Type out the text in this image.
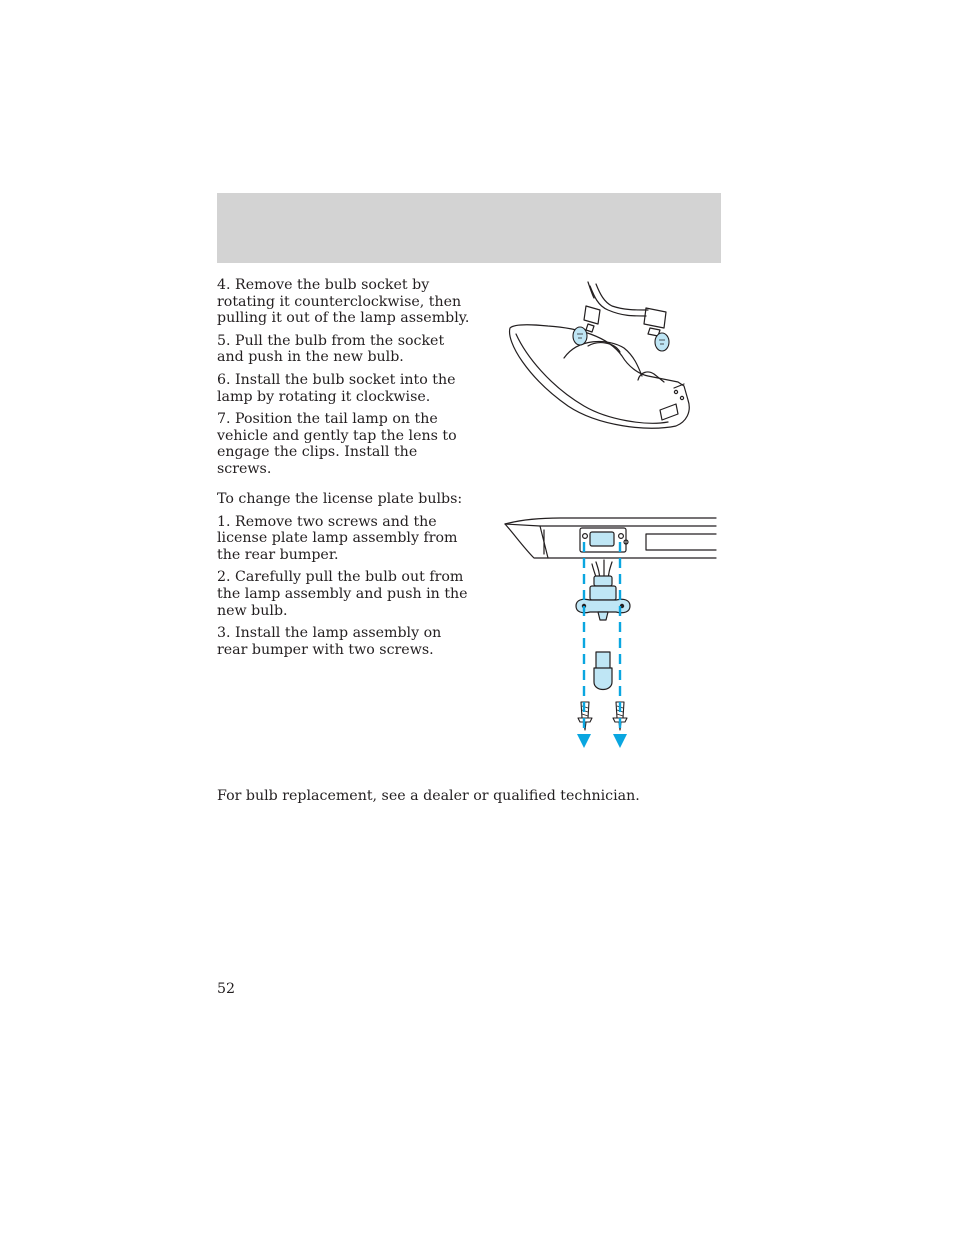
4. Remove the bulb socket by rotating it counterclockwise, then pulling it out of the lamp assembly.

5. Pull the bulb from the socket and push in the new bulb.

6. Install the bulb socket into the lamp by rotating it clockwise.

7. Position the tail lamp on the vehicle and gently tap the lens to engage the clips. Install the screws.

To change the license plate bulbs:

1. Remove two screws and the license plate lamp assembly from the rear bumper.

2. Carefully pull the bulb out from the lamp assembly and push in the new bulb.

3. Install the lamp assembly on rear bumper with two screws.

For bulb replacement, see a dealer or qualified technician.

52
